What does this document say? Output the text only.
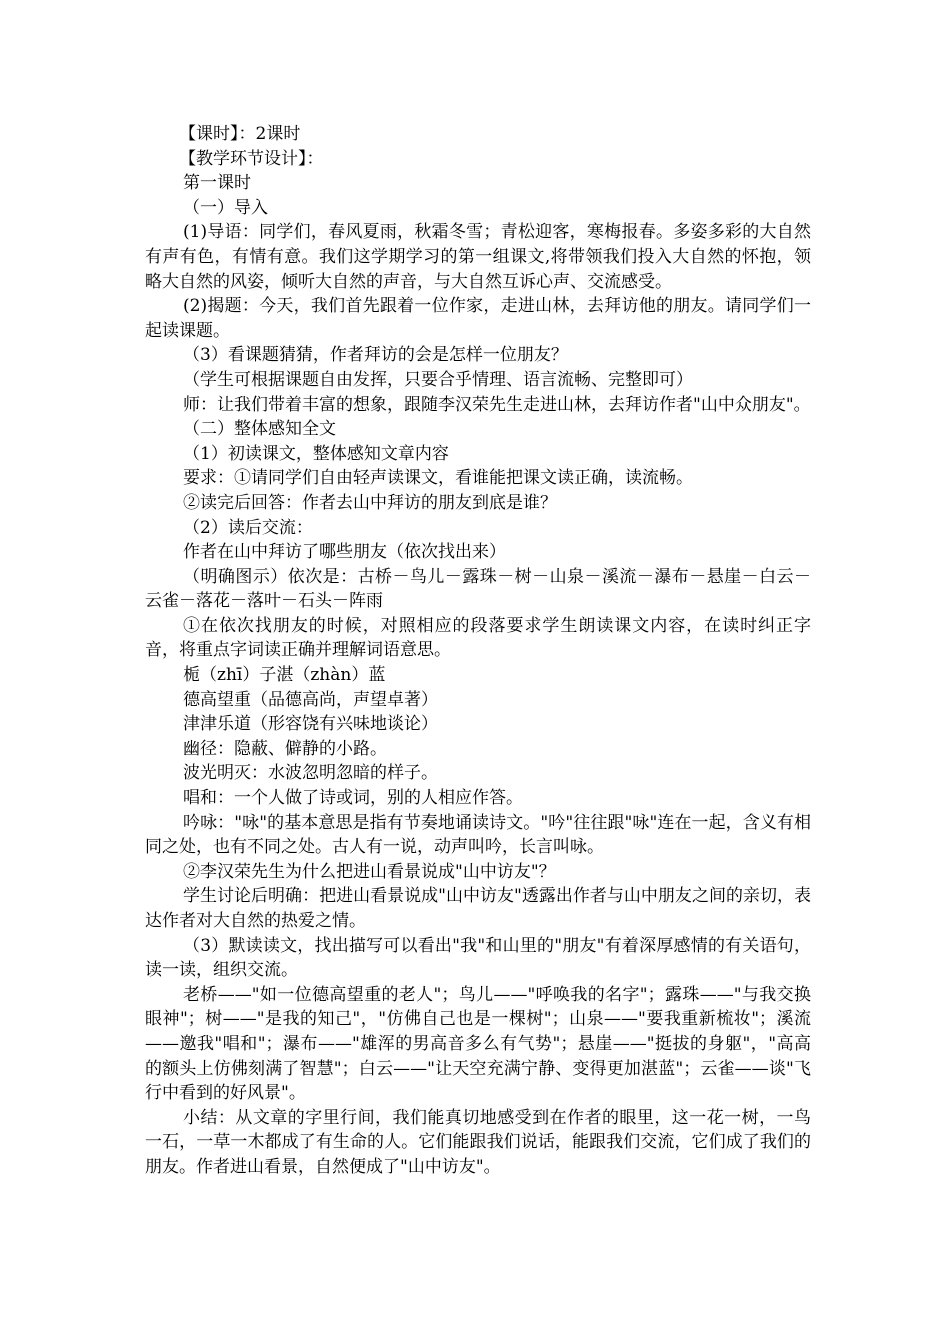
【课时】：2课时

【教学环节设计】：

第一课时

（一）导入

(1)导语：同学们，春风夏雨，秋霜冬雪；青松迎客，寒梅报春。多姿多彩的大自然有声有色，有情有意。我们这学期学习的第一组课文,将带领我们投入大自然的怀抱，领略大自然的风姿，倾听大自然的声音，与大自然互诉心声、交流感受。

(2)揭题：今天，我们首先跟着一位作家，走进山林，去拜访他的朋友。请同学们一起读课题。

（3）看课题猜猜，作者拜访的会是怎样一位朋友？

（学生可根据课题自由发挥，只要合乎情理、语言流畅、完整即可）

师：让我们带着丰富的想象，跟随李汉荣先生走进山林，去拜访作者"山中众朋友"。

（二）整体感知全文

（1）初读课文，整体感知文章内容

要求：①请同学们自由轻声读课文，看谁能把课文读正确，读流畅。

②读完后回答：作者去山中拜访的朋友到底是谁？

（2）读后交流：

作者在山中拜访了哪些朋友（依次找出来）

（明确图示）依次是：古桥－鸟儿－露珠－树－山泉－溪流－瀑布－悬崖－白云－云雀－落花－落叶－石头－阵雨

①在依次找朋友的时候，对照相应的段落要求学生朗读课文内容，在读时纠正字音，将重点字词读正确并理解词语意思。

栀（zhī）子湛（zhàn）蓝

德高望重（品德高尚，声望卓著）

津津乐道（形容饶有兴味地谈论）

幽径：隐蔽、僻静的小路。

波光明灭：水波忽明忽暗的样子。

唱和：一个人做了诗或词，别的人相应作答。

吟咏："咏"的基本意思是指有节奏地诵读诗文。"吟"往往跟"咏"连在一起，含义有相同之处，也有不同之处。古人有一说，动声叫吟，长言叫咏。

②李汉荣先生为什么把进山看景说成"山中访友"？

学生讨论后明确：把进山看景说成"山中访友"透露出作者与山中朋友之间的亲切，表达作者对大自然的热爱之情。

（3）默读读文，找出描写可以看出"我"和山里的"朋友"有着深厚感情的有关语句，读一读，组织交流。

老桥——"如一位德高望重的老人"；鸟儿——"呼唤我的名字"；露珠——"与我交换眼神"；树——"是我的知己"，"仿佛自己也是一棵树"；山泉——"要我重新梳妆"；溪流——邀我"唱和"；瀑布——"雄浑的男高音多么有气势"；悬崖——"挺拔的身躯"，"高高的额头上仿佛刻满了智慧"；白云——"让天空充满宁静、变得更加湛蓝"；云雀——谈"飞行中看到的好风景"。

小结：从文章的字里行间，我们能真切地感受到在作者的眼里，这一花一树，一鸟一石，一草一木都成了有生命的人。它们能跟我们说话，能跟我们交流，它们成了我们的朋友。作者进山看景，自然便成了"山中访友"。
